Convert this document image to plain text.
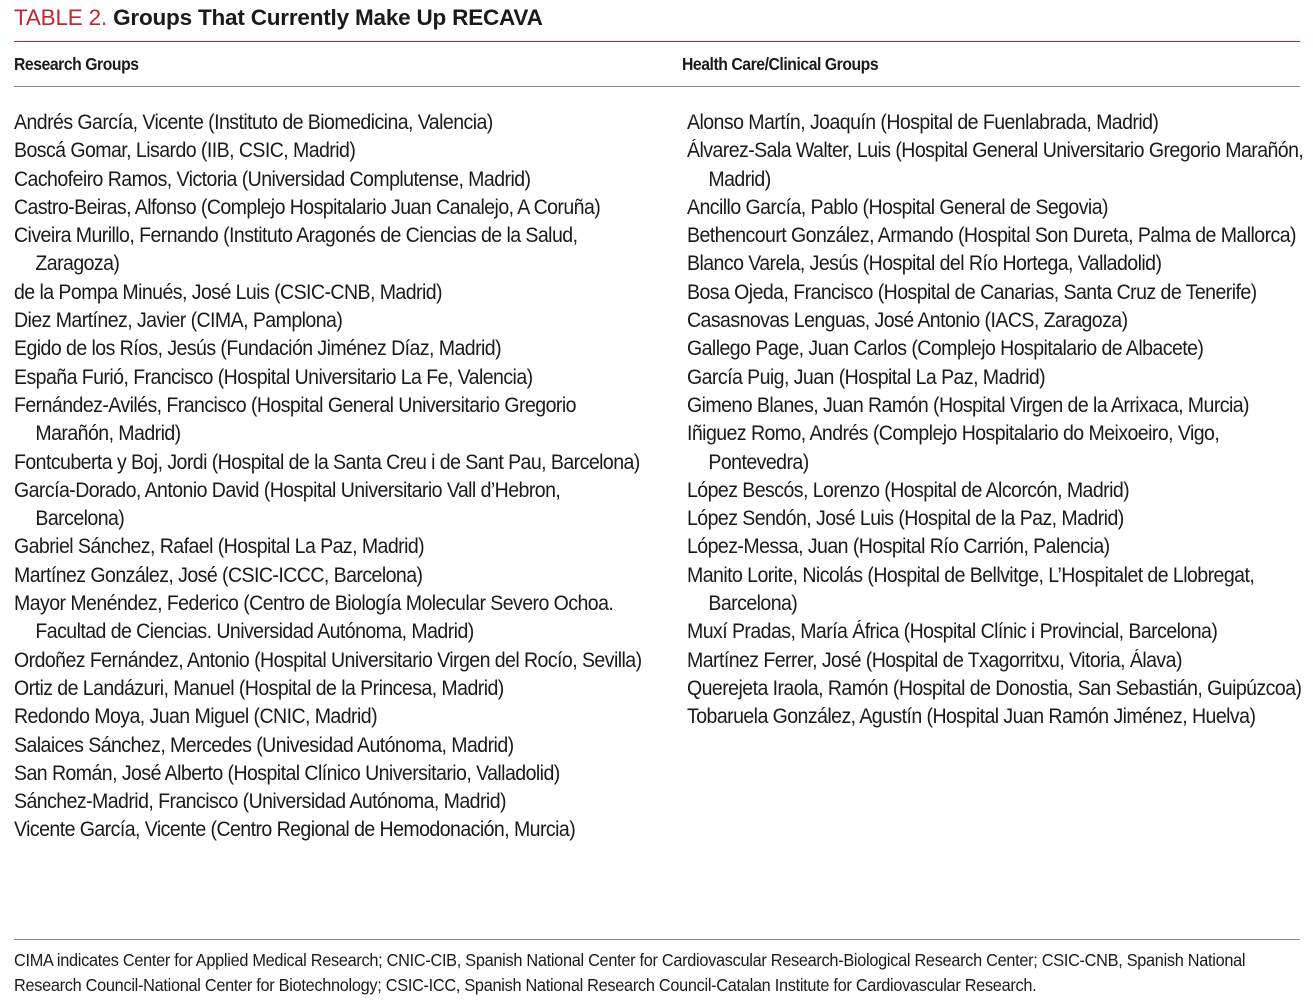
TABLE 2. Groups That Currently Make Up RECAVA
Research Groups	Health Care/Clinical Groups
Andrés García, Vicente (Instituto de Biomedicina, Valencia)
Boscá Gomar, Lisardo (IIB, CSIC, Madrid)
Cachofeiro Ramos, Victoria (Universidad Complutense, Madrid)
Castro-Beiras, Alfonso (Complejo Hospitalario Juan Canalejo, A Coruña)
Civeira Murillo, Fernando (Instituto Aragonés de Ciencias de la Salud, Zaragoza)
de la Pompa Minués, José Luis (CSIC-CNB, Madrid)
Diez Martínez, Javier (CIMA, Pamplona)
Egido de los Ríos, Jesús (Fundación Jiménez Díaz, Madrid)
España Furió, Francisco (Hospital Universitario La Fe, Valencia)
Fernández-Avilés, Francisco (Hospital General Universitario Gregorio Marañón, Madrid)
Fontcuberta y Boj, Jordi (Hospital de la Santa Creu i de Sant Pau, Barcelona)
García-Dorado, Antonio David (Hospital Universitario Vall d’Hebron, Barcelona)
Gabriel Sánchez, Rafael (Hospital La Paz, Madrid)
Martínez González, José (CSIC-ICCC, Barcelona)
Mayor Menéndez, Federico (Centro de Biología Molecular Severo Ochoa. Facultad de Ciencias. Universidad Autónoma, Madrid)
Ordoñez Fernández, Antonio (Hospital Universitario Virgen del Rocío, Sevilla)
Ortiz de Landázuri, Manuel (Hospital de la Princesa, Madrid)
Redondo Moya, Juan Miguel (CNIC, Madrid)
Salaices Sánchez, Mercedes (Univesidad Autónoma, Madrid)
San Román, José Alberto (Hospital Clínico Universitario, Valladolid)
Sánchez-Madrid, Francisco (Universidad Autónoma, Madrid)
Vicente García, Vicente (Centro Regional de Hemodonación, Murcia)
Alonso Martín, Joaquín (Hospital de Fuenlabrada, Madrid)
Álvarez-Sala Walter, Luis (Hospital General Universitario Gregorio Marañón, Madrid)
Ancillo García, Pablo (Hospital General de Segovia)
Bethencourt González, Armando (Hospital Son Dureta, Palma de Mallorca)
Blanco Varela, Jesús (Hospital del Río Hortega, Valladolid)
Bosa Ojeda, Francisco (Hospital de Canarias, Santa Cruz de Tenerife)
Casasnovas Lenguas, José Antonio (IACS, Zaragoza)
Gallego Page, Juan Carlos (Complejo Hospitalario de Albacete)
García Puig, Juan (Hospital La Paz, Madrid)
Gimeno Blanes, Juan Ramón (Hospital Virgen de la Arrixaca, Murcia)
Iñiguez Romo, Andrés (Complejo Hospitalario do Meixoeiro, Vigo, Pontevedra)
López Bescós, Lorenzo (Hospital de Alcorcón, Madrid)
López Sendón, José Luis (Hospital de la Paz, Madrid)
López-Messa, Juan (Hospital Río Carrión, Palencia)
Manito Lorite, Nicolás (Hospital de Bellvitge, L’Hospitalet de Llobregat, Barcelona)
Muxí Pradas, María África (Hospital Clínic i Provincial, Barcelona)
Martínez Ferrer, José (Hospital de Txagorritxu, Vitoria, Álava)
Querejeta Iraola, Ramón (Hospital de Donostia, San Sebastián, Guipúzcoa)
Tobaruela González, Agustín (Hospital Juan Ramón Jiménez, Huelva)
CIMA indicates Center for Applied Medical Research; CNIC-CIB, Spanish National Center for Cardiovascular Research-Biological Research Center; CSIC-CNB, Spanish National Research Council-National Center for Biotechnology; CSIC-ICC, Spanish National Research Council-Catalan Institute for Cardiovascular Research.
